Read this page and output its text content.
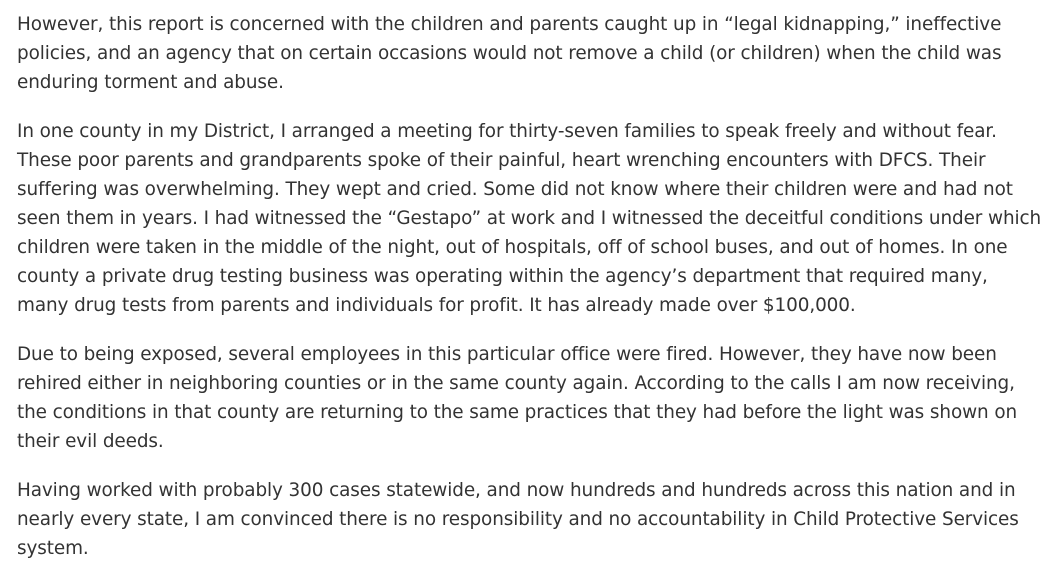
However, this report is concerned with the children and parents caught up in “legal kidnapping,” ineffective policies, and an agency that on certain occasions would not remove a child (or children) when the child was enduring torment and abuse.

In one county in my District, I arranged a meeting for thirty-seven families to speak freely and without fear. These poor parents and grandparents spoke of their painful, heart wrenching encounters with DFCS. Their suffering was overwhelming. They wept and cried. Some did not know where their children were and had not seen them in years. I had witnessed the “Gestapo” at work and I witnessed the deceitful conditions under which children were taken in the middle of the night, out of hospitals, off of school buses, and out of homes. In one county a private drug testing business was operating within the agency’s department that required many, many drug tests from parents and individuals for profit. It has already made over $100,000.

Due to being exposed, several employees in this particular office were fired. However, they have now been rehired either in neighboring counties or in the same county again. According to the calls I am now receiving, the conditions in that county are returning to the same practices that they had before the light was shown on their evil deeds.

Having worked with probably 300 cases statewide, and now hundreds and hundreds across this nation and in nearly every state, I am convinced there is no responsibility and no accountability in Child Protective Services system.
